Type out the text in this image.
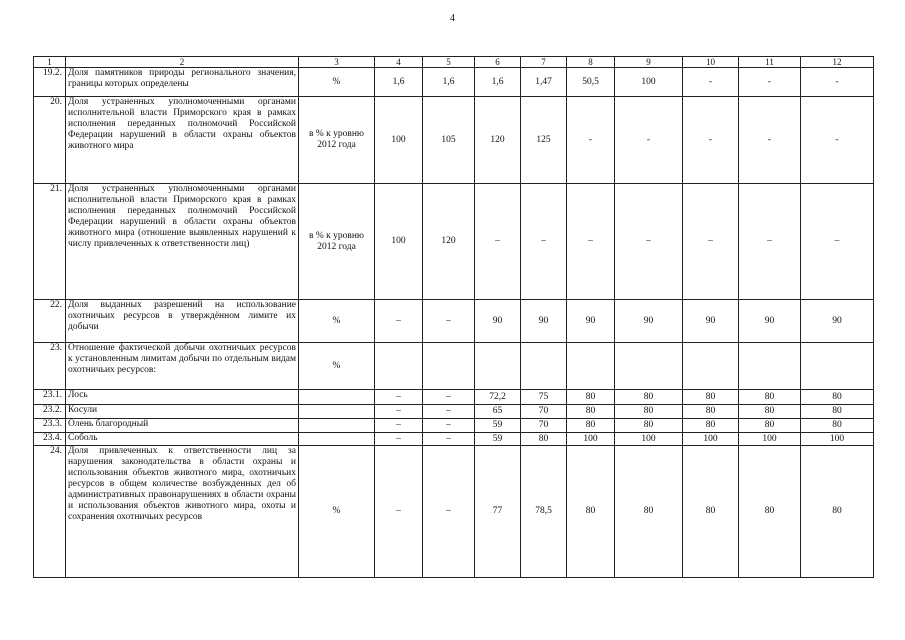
4
1	2	3	4	5	6	7	8	9	10	11	12
19.2.	Доля памятников природы регионального значения, границы которых определены	%	1,6	1,6	1,6	1,47	50,5	100	-	-	-
20.	Доля устраненных уполномоченными органами исполнительной власти Приморского края в рамках исполнения переданных полномочий Российской Федерации нарушений в области охраны объектов животного мира	в % к уровню 2012 года	100	105	120	125	-	-	-	-	-
21.	Доля устраненных уполномоченными органами исполнительной власти Приморского края в рамках исполнения переданных полномочий Российской Федерации нарушений в области охраны объектов животного мира (отношение выявленных нарушений к числу привлеченных к ответственности лиц)	в % к уровню 2012 года	100	120	–	–	–	–	–	–	–
22.	Доля выданных разрешений на использование охотничьих ресурсов в утверждённом лимите их добычи	%	–	–	90	90	90	90	90	90	90
23.	Отношение фактической добычи охотничьих ресурсов к установленным лимитам добычи по отдельным видам охотничьих ресурсов:	%									
23.1.	Лось		–	–	72,2	75	80	80	80	80	80
23.2.	Косули		–	–	65	70	80	80	80	80	80
23.3.	Олень благородный		–	–	59	70	80	80	80	80	80
23.4.	Соболь		–	–	59	80	100	100	100	100	100
24.	Доля привлеченных к ответственности лиц за нарушения законодательства в области охраны и использования объектов животного мира, охотничьих ресурсов в общем количестве возбужденных дел об административных правонарушениях в области охраны и использования объектов животного мира, охоты и сохранения охотничьих ресурсов	%	–	–	77	78,5	80	80	80	80	80
